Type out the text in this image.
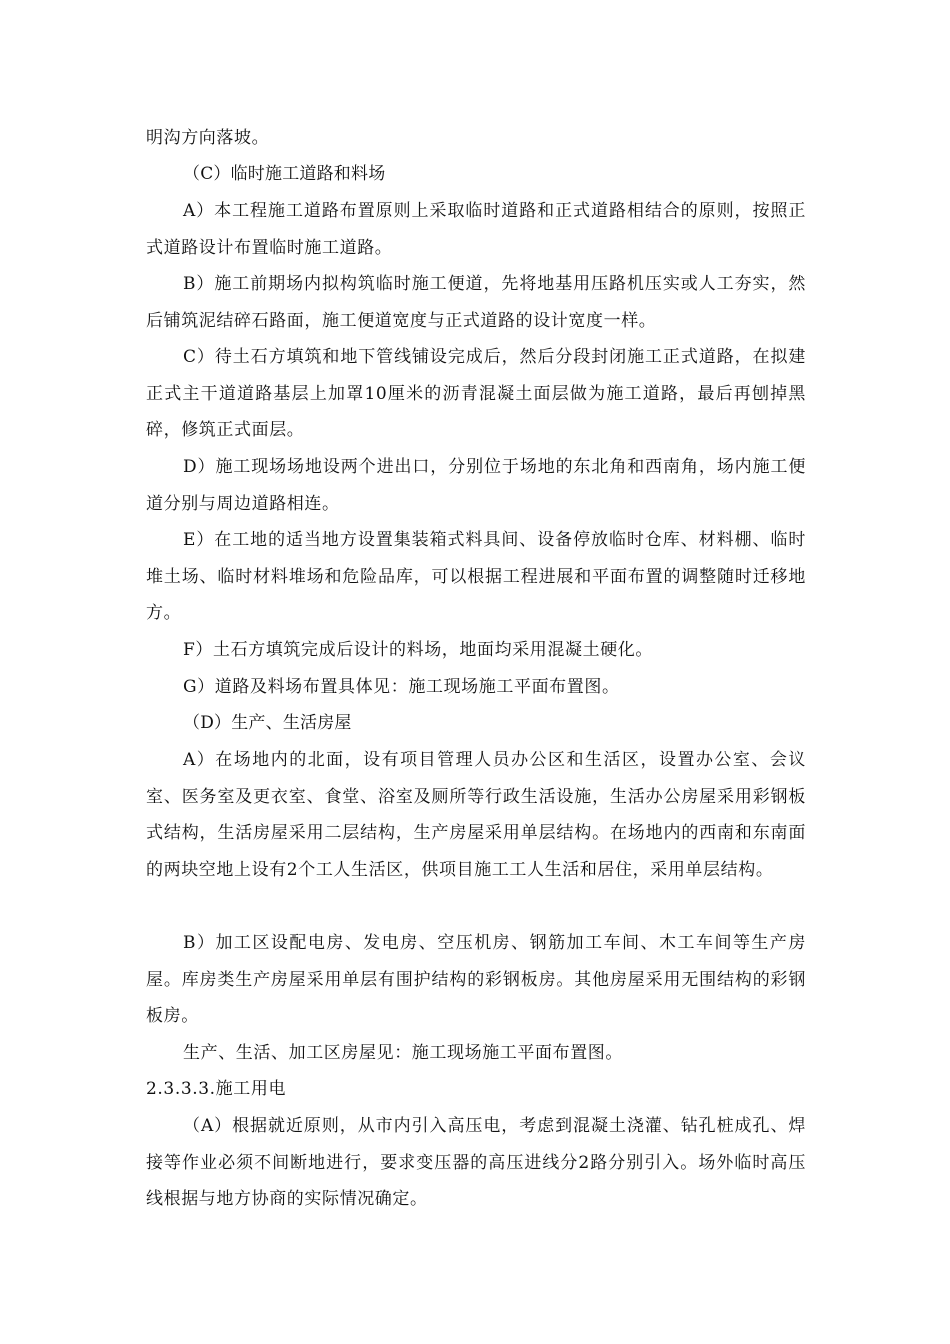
明沟方向落坡。

（C）临时施工道路和料场

A）本工程施工道路布置原则上采取临时道路和正式道路相结合的原则，按照正式道路设计布置临时施工道路。

B）施工前期场内拟构筑临时施工便道，先将地基用压路机压实或人工夯实，然后铺筑泥结碎石路面，施工便道宽度与正式道路的设计宽度一样。

C）待土石方填筑和地下管线铺设完成后，然后分段封闭施工正式道路，在拟建正式主干道道路基层上加罩10厘米的沥青混凝土面层做为施工道路，最后再刨掉黑碎，修筑正式面层。

D）施工现场场地设两个进出口，分别位于场地的东北角和西南角，场内施工便道分别与周边道路相连。

E）在工地的适当地方设置集装箱式料具间、设备停放临时仓库、材料棚、临时堆土场、临时材料堆场和危险品库，可以根据工程进展和平面布置的调整随时迁移地方。

F）土石方填筑完成后设计的料场，地面均采用混凝土硬化。

G）道路及料场布置具体见：施工现场施工平面布置图。

（D）生产、生活房屋

A）在场地内的北面，设有项目管理人员办公区和生活区，设置办公室、会议室、医务室及更衣室、食堂、浴室及厕所等行政生活设施，生活办公房屋采用彩钢板式结构，生活房屋采用二层结构，生产房屋采用单层结构。在场地内的西南和东南面的两块空地上设有2个工人生活区，供项目施工工人生活和居住，采用单层结构。

B）加工区设配电房、发电房、空压机房、钢筋加工车间、木工车间等生产房屋。库房类生产房屋采用单层有围护结构的彩钢板房。其他房屋采用无围结构的彩钢板房。

生产、生活、加工区房屋见：施工现场施工平面布置图。

2.3.3.3.施工用电

（A）根据就近原则，从市内引入高压电，考虑到混凝土浇灌、钻孔桩成孔、焊接等作业必须不间断地进行，要求变压器的高压进线分2路分别引入。场外临时高压线根据与地方协商的实际情况确定。
